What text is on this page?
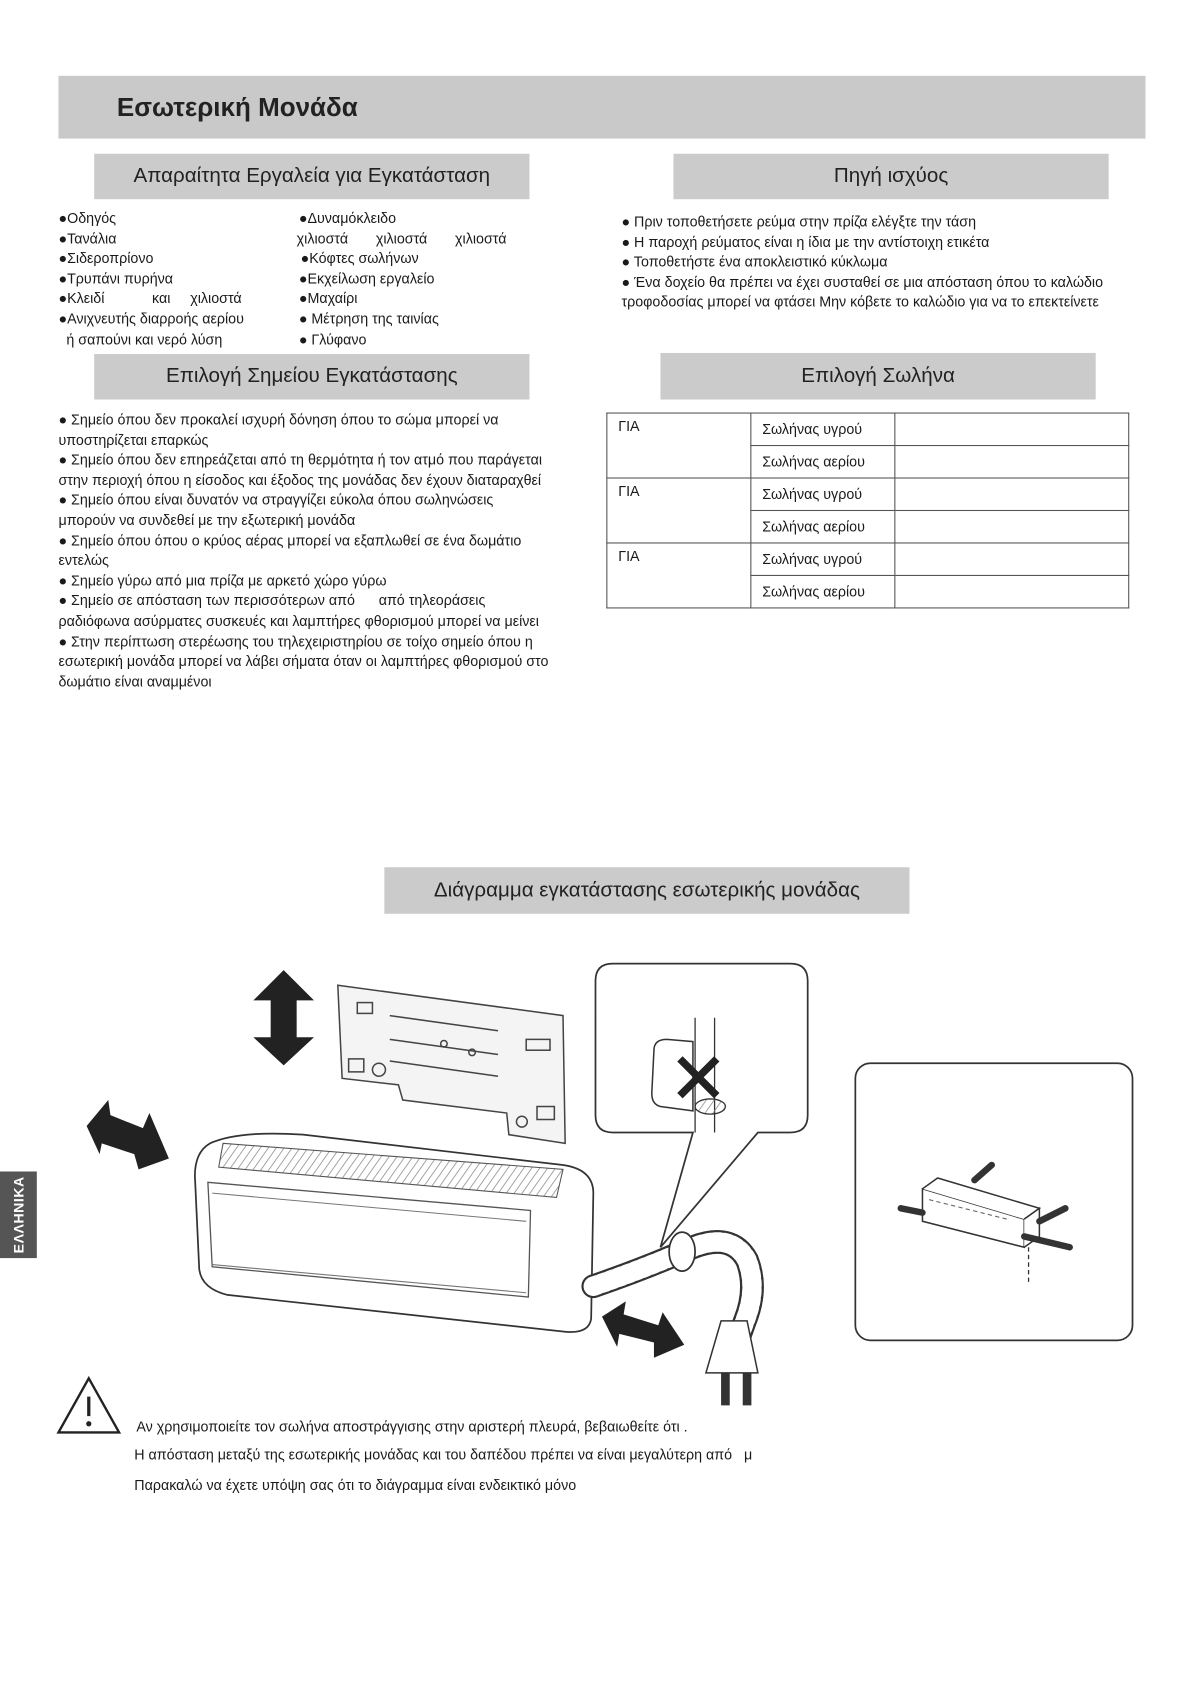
Εσωτερική Μονάδα
Απαραίτητα Εργαλεία για Εγκατάσταση
●Οδηγός
●Τανάλια
●Σιδεροπρίονο
●Τρυπάνι πυρήνα
●Κλειδί            και     χιλιοστά
●Ανιχνευτής διαρροής αερίου
ή σαπούνι και νερό λύση
●Δυναμόκλειδο
χιλιοστά       χιλιοστά       χιλιοστά
●Κόφτες σωλήνων
●Εκχείλωση εργαλείο
●Μαχαίρι
● Μέτρηση της ταινίας
● Γλύφανο
Πηγή ισχύος
● Πριν τοποθετήσετε ρεύμα στην πρίζα ελέγξτε την τάση
● Η παροχή ρεύματος είναι η ίδια με την αντίστοιχη ετικέτα
● Τοποθετήστε ένα αποκλειστικό κύκλωμα
● Ένα δοχείο θα πρέπει να έχει συσταθεί σε μια απόσταση όπου το καλώδιο
τροφοδοσίας μπορεί να φτάσει Μην κόβετε το καλώδιο για να το επεκτείνετε
Επιλογή Σημείου Εγκατάστασης
● Σημείο όπου δεν προκαλεί ισχυρή δόνηση όπου το σώμα μπορεί να
υποστηρίζεται επαρκώς
● Σημείο όπου δεν επηρεάζεται από τη θερμότητα ή τον ατμό που παράγεται
στην περιοχή όπου η είσοδος και έξοδος της μονάδας δεν έχουν διαταραχθεί
● Σημείο όπου είναι δυνατόν να στραγγίζει εύκολα όπου σωληνώσεις
μπορούν να συνδεθεί με την εξωτερική μονάδα
● Σημείο όπου όπου ο κρύος αέρας μπορεί να εξαπλωθεί σε ένα δωμάτιο
εντελώς
● Σημείο γύρω από μια πρίζα με αρκετό χώρο γύρω
● Σημείο σε απόσταση των περισσότερων από      από τηλεοράσεις
ραδιόφωνα ασύρματες συσκευές και λαμπτήρες φθορισμού μπορεί να μείνει
● Στην περίπτωση στερέωσης του τηλεχειριστηρίου σε τοίχο σημείο όπου η
εσωτερική μονάδα μπορεί να λάβει σήματα όταν οι λαμπτήρες φθορισμού στο
δωμάτιο είναι αναμμένοι
Επιλογή Σωλήνα
ΓΙΑ	Σωλήνας υγρού	
	Σωλήνας αερίου	
ΓΙΑ	Σωλήνας υγρού	
	Σωλήνας αερίου	
ΓΙΑ	Σωλήνας υγρού	
	Σωλήνας αερίου	
Διάγραμμα εγκατάστασης εσωτερικής μονάδας
ΕΛΛΗΝΙΚΑ
Αν χρησιμοποιείτε τον σωλήνα αποστράγγισης στην αριστερή πλευρά, βεβαιωθείτε ότι .
Η απόσταση μεταξύ της εσωτερικής μονάδας και του δαπέδου πρέπει να είναι μεγαλύτερη από   μ
Παρακαλώ να έχετε υπόψη σας ότι το διάγραμμα είναι ενδεικτικό μόνο
